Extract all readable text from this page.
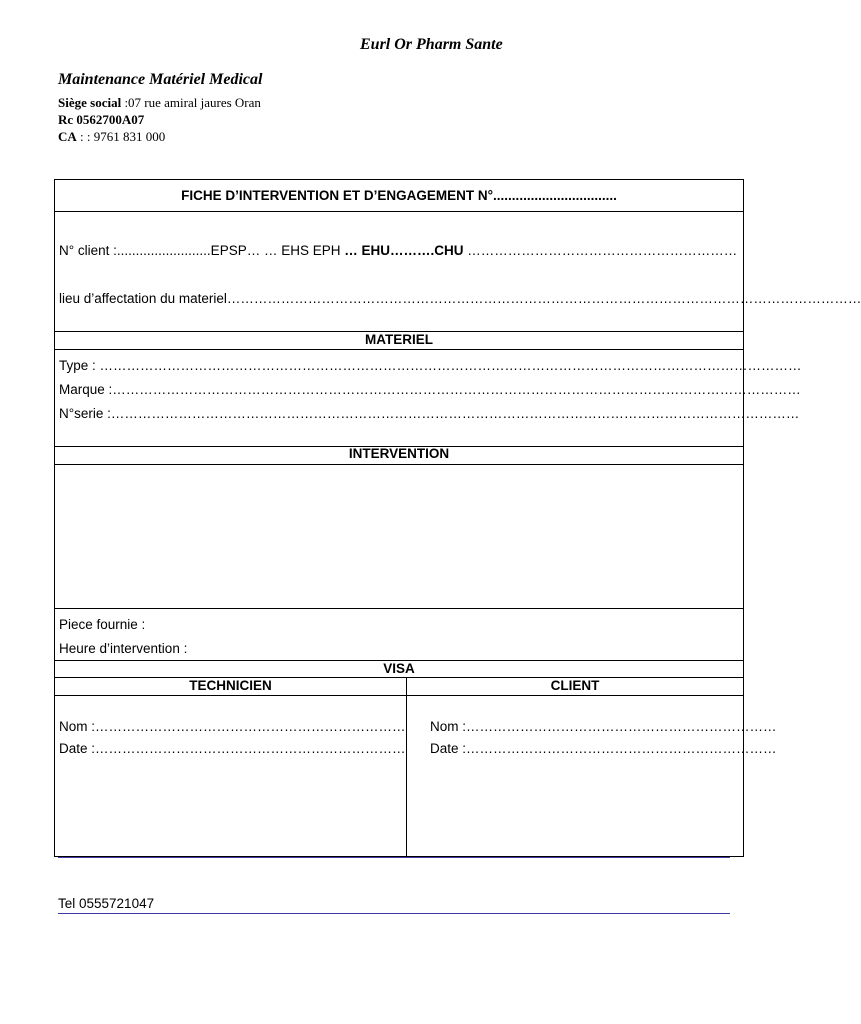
Eurl Or Pharm Sante
Maintenance Matériel Medical
Siège social :07 rue amiral jaures Oran
Rc 0562700A07
CA : : 9761 831 000
FICHE D’INTERVENTION ET D’ENGAGEMENT N°.................................
N° client :.........................EPSP… … EHS EPH … EHU……….CHU ……………………………………………………
lieu d’affectation du materiel……………………………………………………………………………………………………………………………
MATERIEL
Type : …………………………………………………………………………………………………………………………………………
Marque :………………………………………………………………………………………………………………………………………
N°serie :………………………………………………………………………………………………………………………………………
INTERVENTION
Piece fournie :
Heure d’intervention :
VISA
TECHNICIEN	CLIENT
Nom :……………………………………………………………
Date :……………………………………………………………
Nom :……………………………………………………………
Date :……………………………………………………………
Tel 0555721047
